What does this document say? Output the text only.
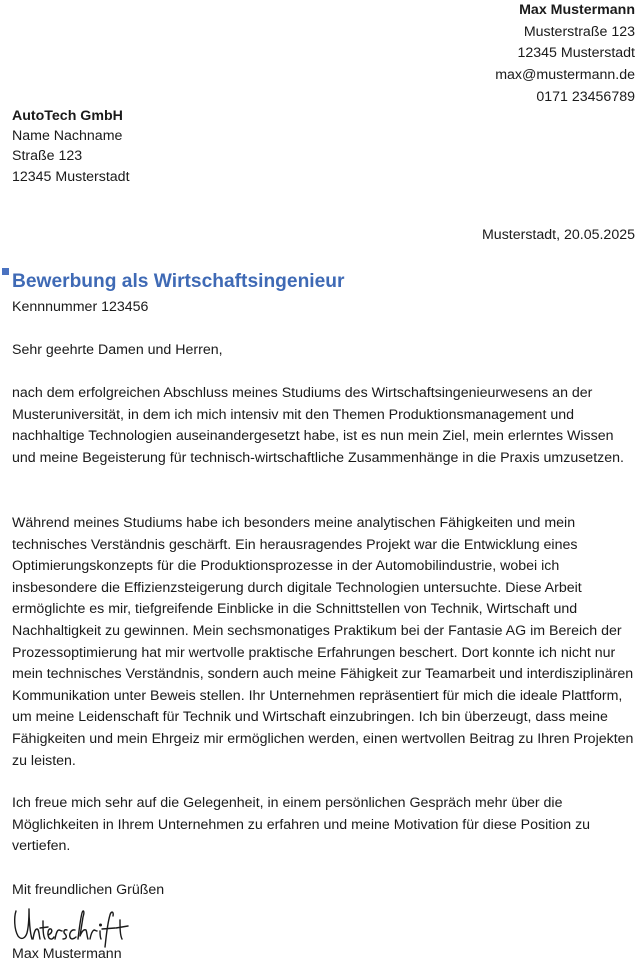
Max Mustermann
Musterstraße 123
12345 Musterstadt
max@mustermann.de
0171 23456789
AutoTech GmbH
Name Nachname
Straße 123
12345 Musterstadt
Musterstadt, 20.05.2025
Bewerbung als Wirtschaftsingenieur
Kennnummer 123456
Sehr geehrte Damen und Herren,

nach dem erfolgreichen Abschluss meines Studiums des Wirtschaftsingenieurwesens an der Musteruniversität, in dem ich mich intensiv mit den Themen Produktionsmanagement und nachhaltige Technologien auseinandergesetzt habe, ist es nun mein Ziel, mein erlerntes Wissen und meine Begeisterung für technisch-wirtschaftliche Zusammenhänge in die Praxis umzusetzen.

Während meines Studiums habe ich besonders meine analytischen Fähigkeiten und mein technisches Verständnis geschärft. Ein herausragendes Projekt war die Entwicklung eines Optimierungskonzepts für die Produktionsprozesse in der Automobilindustrie, wobei ich insbesondere die Effizienzsteigerung durch digitale Technologien untersuchte. Diese Arbeit ermöglichte es mir, tiefgreifende Einblicke in die Schnittstellen von Technik, Wirtschaft und Nachhaltigkeit zu gewinnen. Mein sechsmonatiges Praktikum bei der Fantasie AG im Bereich der Prozessoptimierung hat mir wertvolle praktische Erfahrungen beschert. Dort konnte ich nicht nur mein technisches Verständnis, sondern auch meine Fähigkeit zur Teamarbeit und interdisziplinären Kommunikation unter Beweis stellen. Ihr Unternehmen repräsentiert für mich die ideale Plattform, um meine Leidenschaft für Technik und Wirtschaft einzubringen. Ich bin überzeugt, dass meine Fähigkeiten und mein Ehrgeiz mir ermöglichen werden, einen wertvollen Beitrag zu Ihren Projekten zu leisten.

Ich freue mich sehr auf die Gelegenheit, in einem persönlichen Gespräch mehr über die Möglichkeiten in Ihrem Unternehmen zu erfahren und meine Motivation für diese Position zu vertiefen.

Mit freundlichen Grüßen
Max Mustermann
